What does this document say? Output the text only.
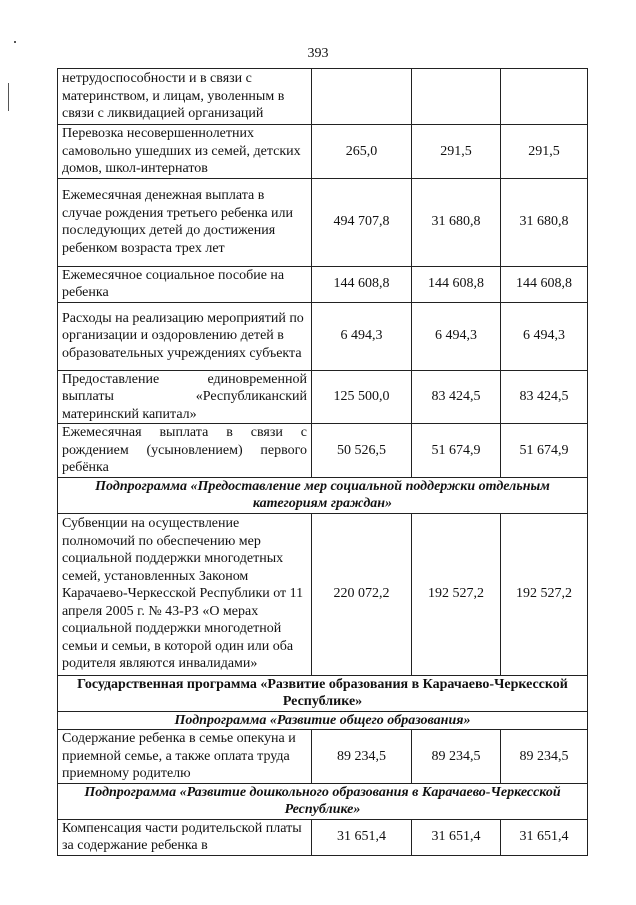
393
нетрудоспособности и в связи с материнством, и лицам, уволенным в связи с ликвидацией организаций			
Перевозка несовершеннолетних самовольно ушедших из семей, детских домов, школ-интернатов	265,0	291,5	291,5
Ежемесячная денежная выплата в случае рождения третьего ребенка или последующих детей до достижения ребенком возраста трех лет	494 707,8	31 680,8	31 680,8
Ежемесячное социальное пособие на ребенка	144 608,8	144 608,8	144 608,8
Расходы на реализацию мероприятий по организации и оздоровлению детей в образовательных учреждениях субъекта	6 494,3	6 494,3	6 494,3
Предоставление единовременной выплаты «Республиканский материнский капитал»	125 500,0	83 424,5	83 424,5
Ежемесячная выплата в связи с рождением (усыновлением) первого ребёнка	50 526,5	51 674,9	51 674,9
Подпрограмма «Предоставление мер социальной поддержки отдельным категориям граждан»			
Субвенции на осуществление полномочий по обеспечению мер социальной поддержки многодетных семей, установленных Законом Карачаево-Черкесской Республики от 11 апреля 2005 г. № 43-РЗ «О мерах социальной поддержки многодетной семьи и семьи, в которой один или оба родителя являются инвалидами»	220 072,2	192 527,2	192 527,2
Государственная программа «Развитие образования в Карачаево-Черкесской Республике»			
Подпрограмма «Развитие общего образования»			
Содержание ребенка в семье опекуна и приемной семье, а также оплата труда приемному родителю	89 234,5	89 234,5	89 234,5
Подпрограмма «Развитие дошкольного образования в Карачаево-Черкесской Республике»			
Компенсация части родительской платы за содержание ребенка в	31 651,4	31 651,4	31 651,4
